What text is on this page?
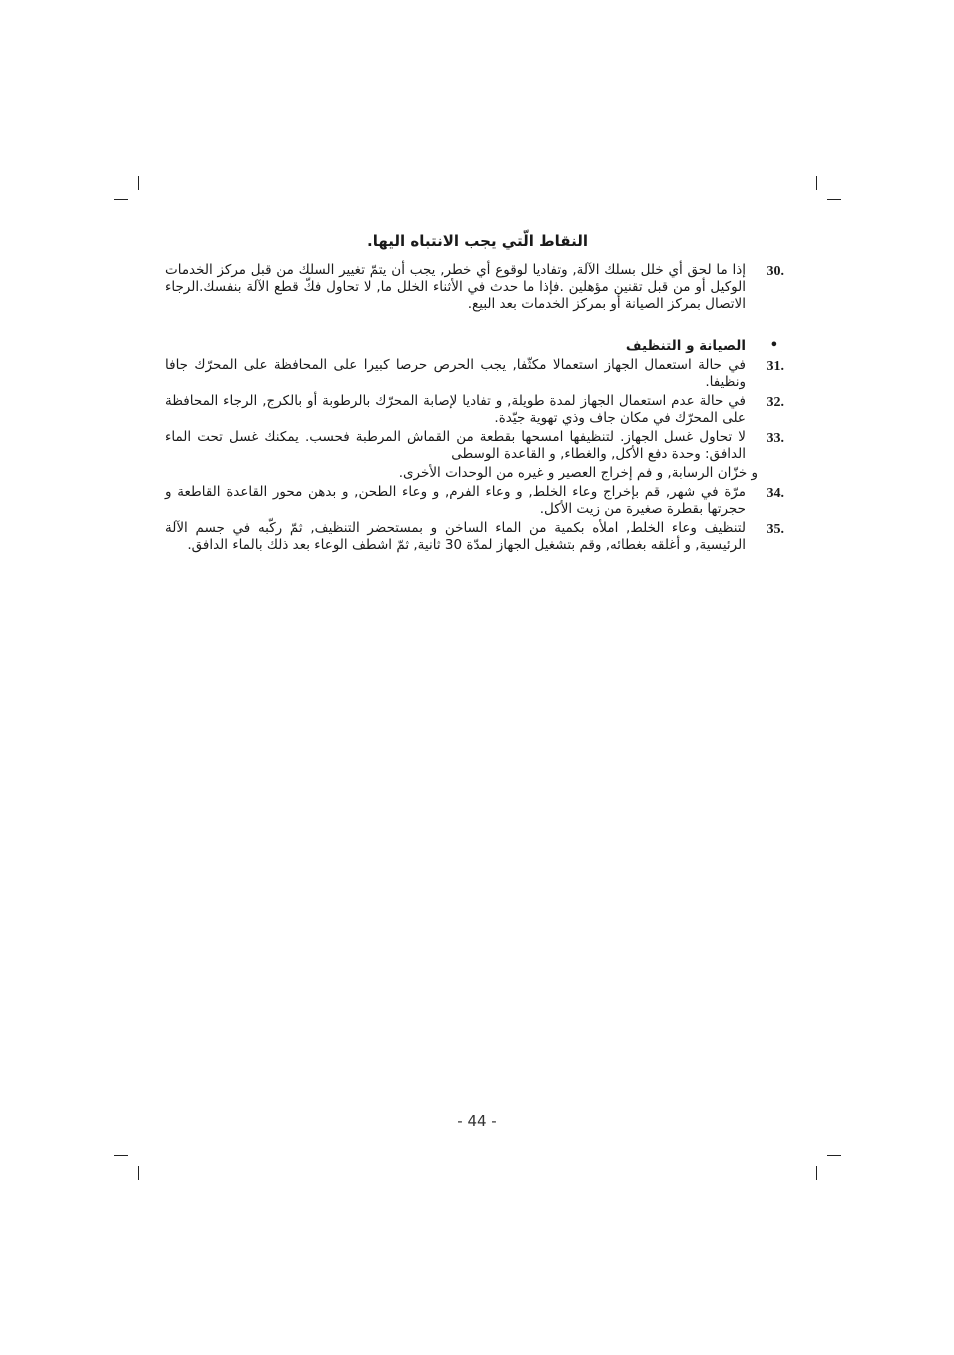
النقاط الّتي يجب الانتباه اليها.
30.
إذا ما لحق أي خلل بسلك الآلة, وتفاديا لوقوع أي خطر, يجب أن يتمّ تغيير السلك من قبل مركز الخدمات الوكيل أو من قبل تقنين مؤهلين .فإذا ما حدث في الأثناء الخلل ما, لا تحاول فكّ قطع الآلة بنفسك.الرجاء الاتصال بمركز الصيانة أو بمركز الخدمات بعد البيع.
•
الصيانة و التنظيف
31.
في حالة استعمال الجهاز استعمالا مكثّفا, يجب الحرص حرصا كبيرا على المحافظة على المحرّك جافا ونظيفا.
32.
في حالة عدم استعمال الجهاز لمدة طويلة, و تفاديا لإصابة المحرّك بالرطوبة أو بالكرج, الرجاء المحافظة على المحرّك في مكان جاف وذي تهوية جيّدة.
33.
لا تحاول غسل الجهاز. لتنظيفها امسحها بقطعة من القماش المرطبة فحسب. يمكنك غسل تحت الماء الدافق: وحدة دفع الأكل, والغطاء, و القاعدة الوسطى
و خزّان الرسابة, و فم إخراج العصير و غيره من الوحدات الأخرى.
34.
مرّة في شهر, قم بإخراج وعاء الخلط, و وعاء الفرم, و وعاء الطحن, و بدهن محور القاعدة القاطعة و حجرتها بقطرة صغيرة من زيت الأكل.
35.
لتنظيف وعاء الخلط, املأه بكمية من الماء الساخن و بمستحضر التنظيف, ثمّ ركّبه في جسم الآلة الرئيسية, و أغلقه بغطائه, وقم بتشغيل الجهاز لمدّة 30 ثانية, ثمّ اشطف الوعاء بعد ذلك بالماء الدافق.
- 44 -
